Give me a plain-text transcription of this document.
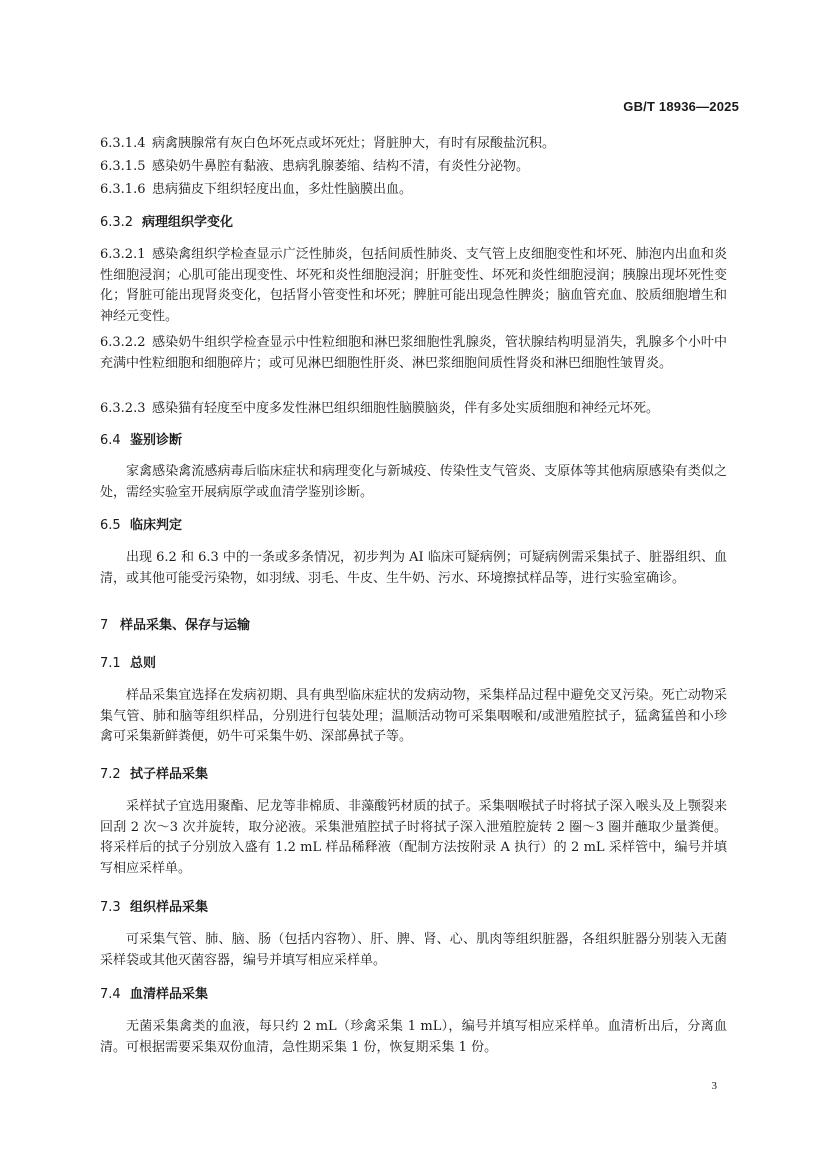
GB/T 18936—2025
6.3.1.4 病禽胰腺常有灰白色坏死点或坏死灶；肾脏肿大，有时有尿酸盐沉积。
6.3.1.5 感染奶牛鼻腔有黏液、患病乳腺萎缩、结构不清，有炎性分泌物。
6.3.1.6 患病猫皮下组织轻度出血，多灶性脑膜出血。
6.3.2 病理组织学变化
6.3.2.1 感染禽组织学检查显示广泛性肺炎，包括间质性肺炎、支气管上皮细胞变性和坏死、肺泡内出血和炎性细胞浸润；心肌可能出现变性、坏死和炎性细胞浸润；肝脏变性、坏死和炎性细胞浸润；胰腺出现坏死性变化；肾脏可能出现肾炎变化，包括肾小管变性和坏死；脾脏可能出现急性脾炎；脑血管充血、胶质细胞增生和神经元变性。
6.3.2.2 感染奶牛组织学检查显示中性粒细胞和淋巴浆细胞性乳腺炎，管状腺结构明显消失，乳腺多个小叶中充满中性粒细胞和细胞碎片；或可见淋巴细胞性肝炎、淋巴浆细胞间质性肾炎和淋巴细胞性皱胃炎。
6.3.2.3 感染猫有轻度至中度多发性淋巴组织细胞性脑膜脑炎，伴有多处实质细胞和神经元坏死。
6.4 鉴别诊断
家禽感染禽流感病毒后临床症状和病理变化与新城疫、传染性支气管炎、支原体等其他病原感染有类似之处，需经实验室开展病原学或血清学鉴别诊断。
6.5 临床判定
出现 6.2 和 6.3 中的一条或多条情况，初步判为 AI 临床可疑病例；可疑病例需采集拭子、脏器组织、血清，或其他可能受污染物，如羽绒、羽毛、牛皮、生牛奶、污水、环境擦拭样品等，进行实验室确诊。
7 样品采集、保存与运输
7.1 总则
样品采集宜选择在发病初期、具有典型临床症状的发病动物，采集样品过程中避免交叉污染。死亡动物采集气管、肺和脑等组织样品，分别进行包装处理；温顺活动物可采集咽喉和/或泄殖腔拭子，猛禽猛兽和小珍禽可采集新鲜粪便，奶牛可采集牛奶、深部鼻拭子等。
7.2 拭子样品采集
采样拭子宜选用聚酯、尼龙等非棉质、非藻酸钙材质的拭子。采集咽喉拭子时将拭子深入喉头及上颚裂来回刮 2 次～3 次并旋转，取分泌液。采集泄殖腔拭子时将拭子深入泄殖腔旋转 2 圈～3 圈并蘸取少量粪便。将采样后的拭子分别放入盛有 1.2 mL 样品稀释液（配制方法按附录 A 执行）的 2 mL 采样管中，编号并填写相应采样单。
7.3 组织样品采集
可采集气管、肺、脑、肠（包括内容物）、肝、脾、肾、心、肌肉等组织脏器，各组织脏器分别装入无菌采样袋或其他灭菌容器，编号并填写相应采样单。
7.4 血清样品采集
无菌采集禽类的血液，每只约 2 mL（珍禽采集 1 mL），编号并填写相应采样单。血清析出后，分离血清。可根据需要采集双份血清，急性期采集 1 份，恢复期采集 1 份。
3
